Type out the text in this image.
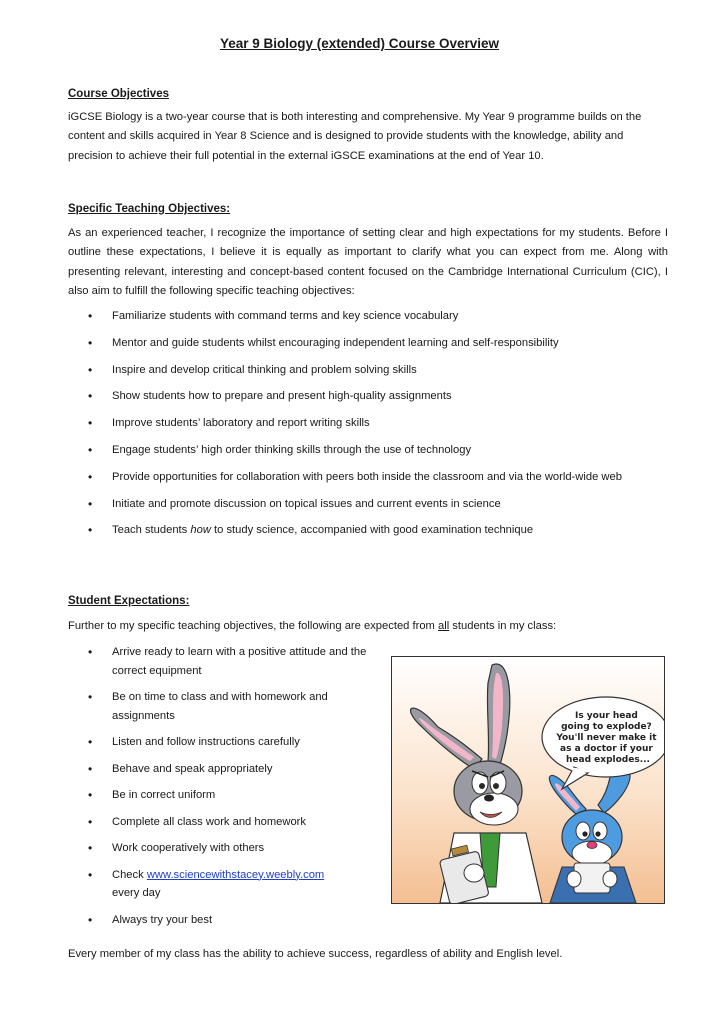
Year 9 Biology (extended) Course Overview
Course Objectives
iGCSE Biology is a two-year course that is both interesting and comprehensive. My Year 9 programme builds on the content and skills acquired in Year 8 Science and is designed to provide students with the knowledge, ability and precision to achieve their full potential in the external iGSCE examinations at the end of Year 10.
Specific Teaching Objectives:
As an experienced teacher, I recognize the importance of setting clear and high expectations for my students. Before I outline these expectations, I believe it is equally as important to clarify what you can expect from me. Along with presenting relevant, interesting and concept-based content focused on the Cambridge International Curriculum (CIC), I also aim to fulfill the following specific teaching objectives:
• Familiarize students with command terms and key science vocabulary
• Mentor and guide students whilst encouraging independent learning and self-responsibility
• Inspire and develop critical thinking and problem solving skills
• Show students how to prepare and present high-quality assignments
• Improve students’ laboratory and report writing skills
• Engage students’ high order thinking skills through the use of technology
• Provide opportunities for collaboration with peers both inside the classroom and via the world-wide web
• Initiate and promote discussion on topical issues and current events in science
• Teach students how to study science, accompanied with good examination technique
Student Expectations:
Further to my specific teaching objectives, the following are expected from all students in my class:
• Arrive ready to learn with a positive attitude and the correct equipment
• Be on time to class and with homework and assignments
• Listen and follow instructions carefully
• Behave and speak appropriately
• Be in correct uniform
• Complete all class work and homework
• Work cooperatively with others
• Check www.sciencewithstacey.weebly.com
every day
• Always try your best
Is your head going to explode? You'll never make it as a doctor if your head explodes...
Every member of my class has the ability to achieve success, regardless of ability and English level.
